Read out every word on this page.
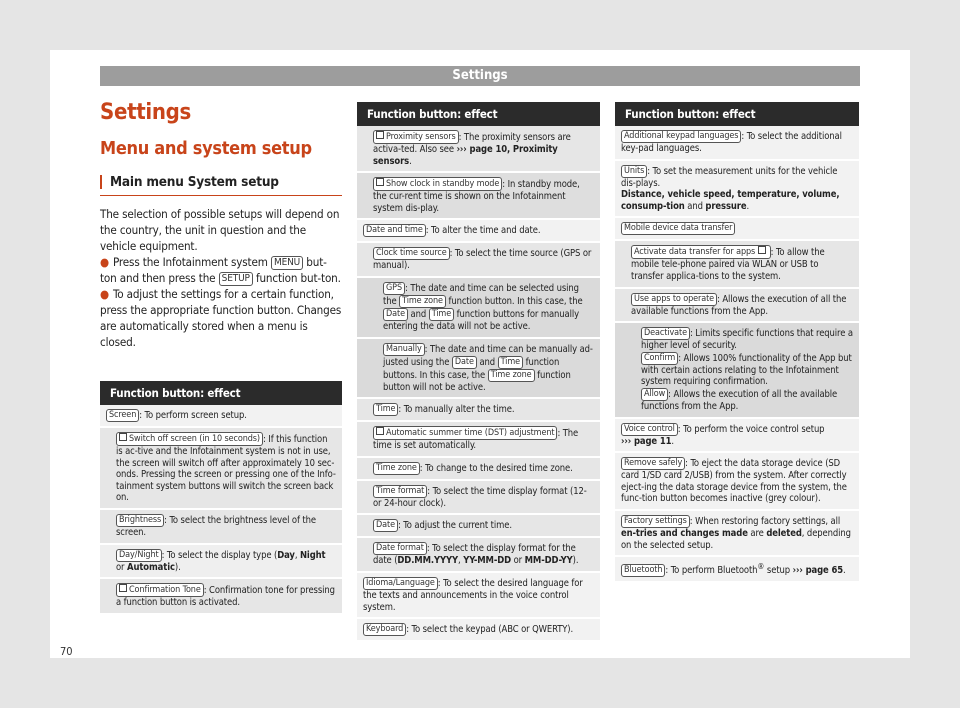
Settings
Settings
Menu and system setup
Main menu System setup

The selection of possible setups will depend on the country, the unit in question and the vehicle equipment.

● Press the Infotainment system MENU but-ton and then press the SETUP function but-ton.

● To adjust the settings for a certain function, press the appropriate function button. Changes are automatically stored when a menu is closed.

Function button: effect
Screen : To perform screen setup.
Switch off screen (in 10 seconds) : If this function is ac-tive and the Infotainment system is not in use, the screen will switch off after approximately 10 sec-onds. Pressing the screen or pressing one of the Info-tainment system buttons will switch the screen back on.
Brightness : To select the brightness level of the screen.
Day/Night : To select the display type (Day, Night or Automatic).
Confirmation Tone : Confirmation tone for pressing a function button is activated.
Function button: effect
Proximity sensors : The proximity sensors are activa-ted. Also see ››› page 10, Proximity sensors.
Show clock in standby mode : In standby mode, the cur-rent time is shown on the Infotainment system dis-play.
Date and time : To alter the time and date.
Clock time source : To select the time source (GPS or manual).
GPS : The date and time can be selected using the Time zone function button. In this case, the Date and Time function buttons for manually entering the data will not be active.
Manually : The date and time can be manually ad-justed using the Date and Time function buttons. In this case, the Time zone function button will not be active.
Time : To manually alter the time.
Automatic summer time (DST) adjustment : The time is set automatically.
Time zone : To change to the desired time zone.
Time format : To select the time display format (12- or 24-hour clock).
Date : To adjust the current time.
Date format : To select the display format for the date (DD.MM.YYYY, YY-MM-DD or MM-DD-YY).
Idioma/Language : To select the desired language for the texts and announcements in the voice control system.
Keyboard : To select the keypad (ABC or QWERTY).
Function button: effect
Additional keypad languages : To select the additional key-pad languages.
Units : To set the measurement units for the vehicle dis-plays.
Distance, vehicle speed, temperature, volume, consump-tion and pressure.
Mobile device data transfer
Activate data transfer for apps : To allow the mobile tele-phone paired via WLAN or USB to transfer applica-tions to the system.
Use apps to operate : Allows the execution of all the available functions from the App.
Deactivate : Limits specific functions that require a higher level of security.
Confirm : Allows 100% functionality of the App but with certain actions relating to the Infotainment system requiring confirmation.
Allow : Allows the execution of all the available functions from the App.
Voice control : To perform the voice control setup
››› page 11.
Remove safely : To eject the data storage device (SD card 1/SD card 2/USB) from the system. After correctly eject-ing the data storage device from the system, the func-tion button becomes inactive (grey colour).
Factory settings : When restoring factory settings, all en-tries and changes made are deleted, depending on the selected setup.
Bluetooth : To perform Bluetooth® setup ››› page 65.
70
